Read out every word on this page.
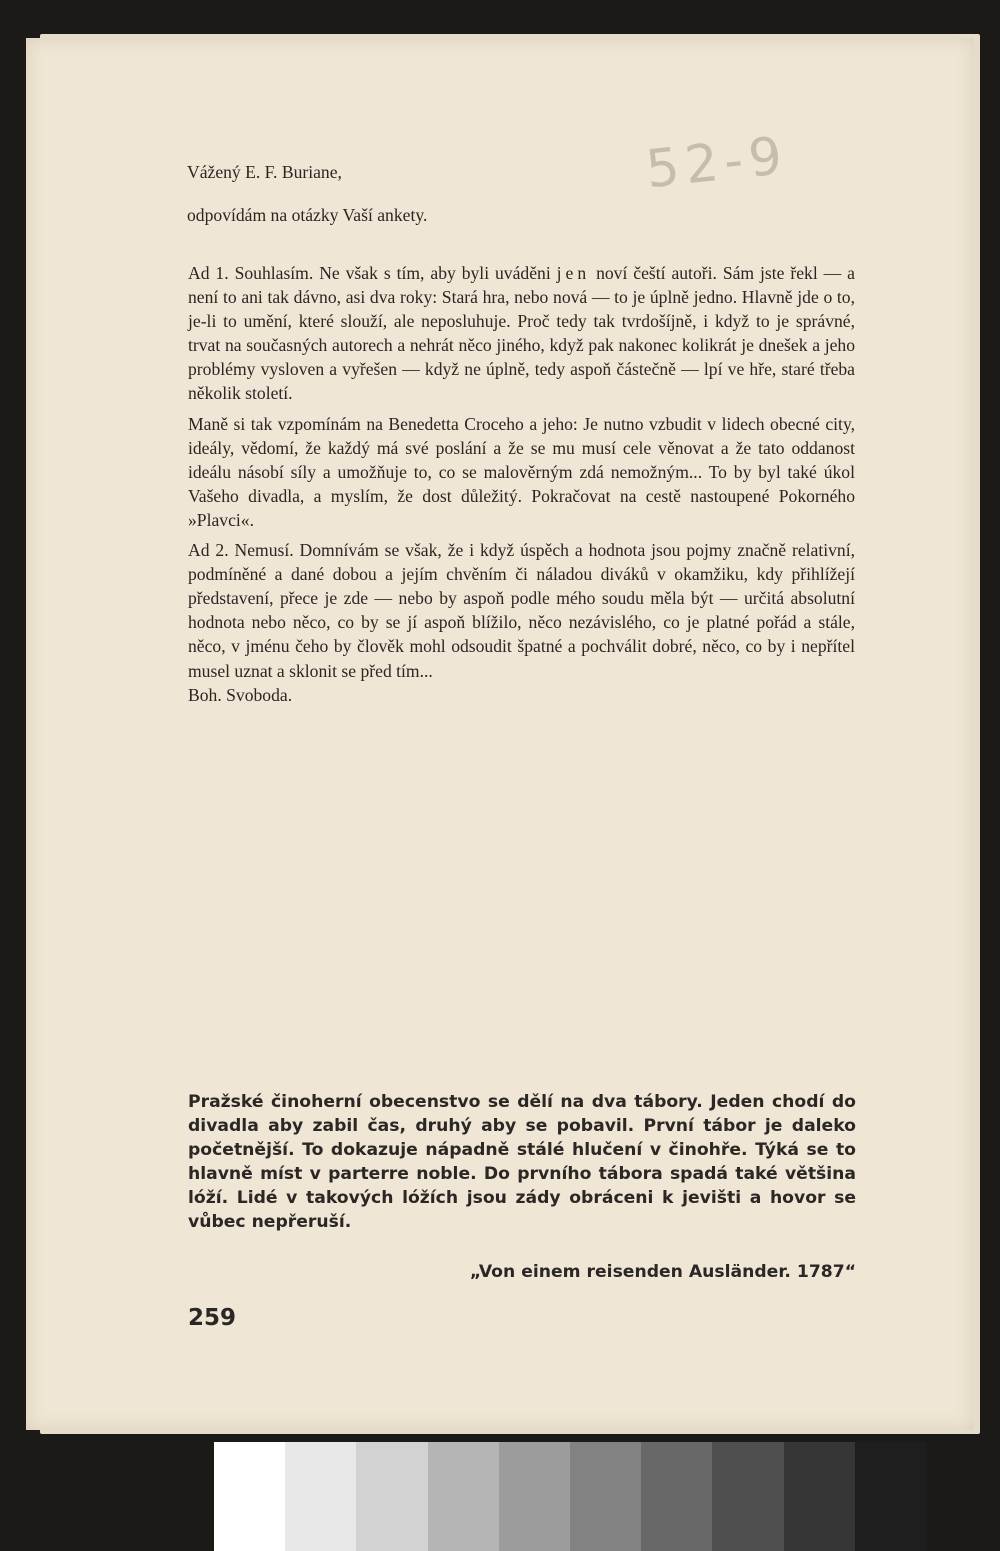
52-9
Vážený E. F. Buriane,
odpovídám na otázky Vaší ankety.

Ad 1. Souhlasím. Ne však s tím, aby byli uváděni jen noví čeští autoři. Sám jste řekl — a není to ani tak dávno, asi dva roky: Stará hra, nebo nová — to je úplně jedno. Hlavně jde o to, je-li to umění, které slouží, ale neposluhuje. Proč tedy tak tvrdošíjně, i když to je správné, trvat na současných autorech a nehrát něco jiného, když pak nakonec kolikrát je dnešek a jeho problémy vysloven a vyřešen — když ne úplně, tedy aspoň částečně — lpí ve hře, staré třeba několik století.

Maně si tak vzpomínám na Benedetta Croceho a jeho: Je nutno vzbudit v lidech obecné city, ideály, vědomí, že každý má své poslání a že se mu musí cele věnovat a že tato oddanost ideálu násobí síly a umožňuje to, co se malověrným zdá nemožným... To by byl také úkol Vašeho divadla, a myslím, že dost důležitý. Pokračovat na cestě nastoupené Pokorného »Plavci«.

Ad 2. Nemusí. Domnívám se však, že i když úspěch a hodnota jsou pojmy značně relativní, podmíněné a dané dobou a jejím chvěním či náladou diváků v okamžiku, kdy přihlížejí představení, přece je zde — nebo by aspoň podle mého soudu měla být — určitá absolutní hodnota nebo něco, co by se jí aspoň blížilo, něco nezávislého, co je platné pořád a stále, něco, v jménu čeho by člověk mohl odsoudit špatné a pochválit dobré, něco, co by i nepřítel musel uznat a sklonit se před tím...

Boh. Svoboda.

Pražské činoherní obecenstvo se dělí na dva tábory. Jeden chodí do divadla aby zabil čas, druhý aby se pobavil. První tábor je daleko početnější. To dokazuje nápadně stálé hlučení v činohře. Týká se to hlavně míst v parterre noble. Do prvního tábora spadá také většina lóží. Lidé v takových lóžích jsou zády obráceni k jevišti a hovor se vůbec nepřeruší.
„Von einem reisenden Ausländer. 1787“
259
